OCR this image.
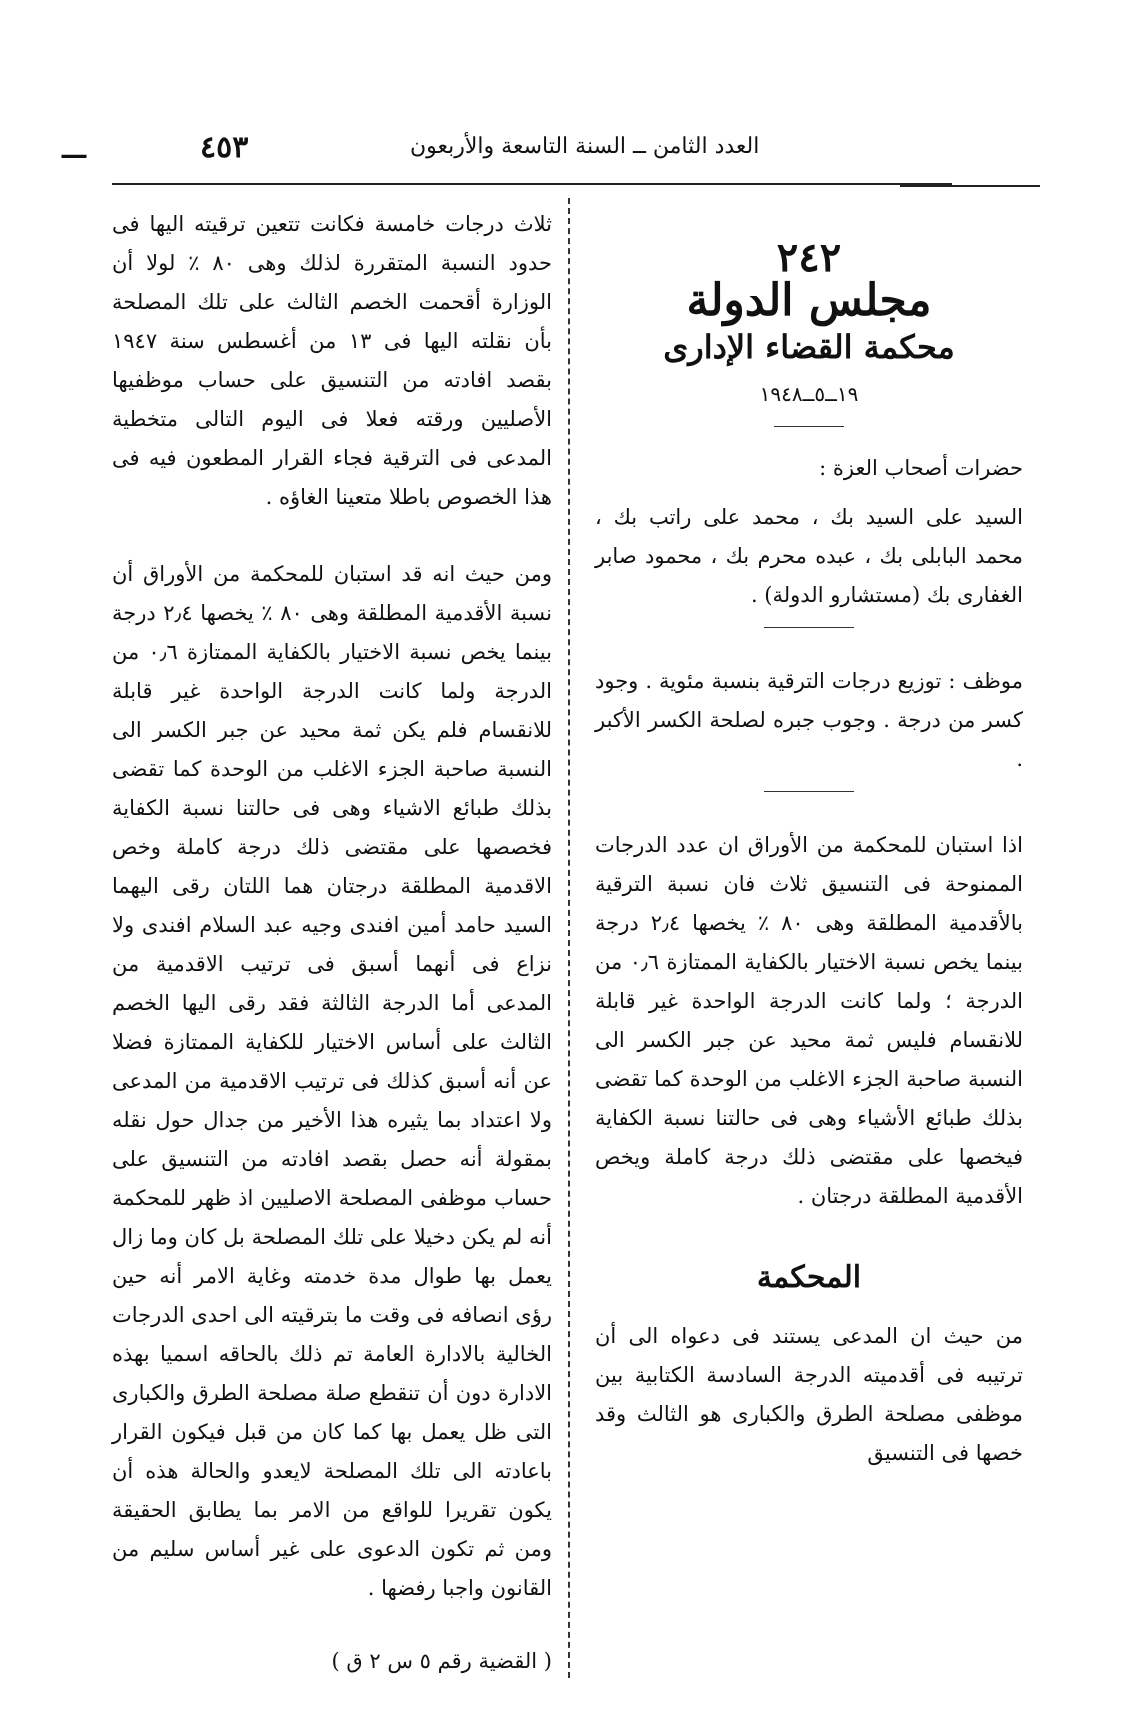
—	٤٥٣	العدد الثامن ــ السنة التاسعة والأربعون
٢٤٢
مجلس الدولة
محكمة القضاء الإدارى
١٩ــ٥ــ١٩٤٨
حضرات أصحاب العزة :

السيد على السيد بك ، محمد على راتب بك ، محمد البابلى بك ، عبده محرم بك ، محمود صابر الغفارى بك (مستشارو الدولة) .

موظف : توزيع درجات الترقية بنسبة مئوية . وجود كسر من درجة . وجوب جبره لصلحة الكسر الأكبر .

اذا استبان للمحكمة من الأوراق ان عدد الدرجات الممنوحة فى التنسيق ثلاث فان نسبة الترقية بالأقدمية المطلقة وهى ٨٠ ٪ يخصها ٢٫٤ درجة بينما يخص نسبة الاختيار بالكفاية الممتازة ٠٫٦ من الدرجة ؛ ولما كانت الدرجة الواحدة غير قابلة للانقسام فليس ثمة محيد عن جبر الكسر الى النسبة صاحبة الجزء الاغلب من الوحدة كما تقضى بذلك طبائع الأشياء وهى فى حالتنا نسبة الكفاية فيخصها على مقتضى ذلك درجة كاملة ويخص الأقدمية المطلقة درجتان .

المحكمة

من حيث ان المدعى يستند فى دعواه الى أن ترتيبه فى أقدميته الدرجة السادسة الكتابية بين موظفى مصلحة الطرق والكبارى هو الثالث وقد خصها فى التنسيق

ثلاث درجات خامسة فكانت تتعين ترقيته اليها فى حدود النسبة المتقررة لذلك وهى ٨٠ ٪ لولا أن الوزارة أقحمت الخصم الثالث على تلك المصلحة بأن نقلته اليها فى ١٣ من أغسطس سنة ١٩٤٧ بقصد افادته من التنسيق على حساب موظفيها الأصليين ورقته فعلا فى اليوم التالى متخطية المدعى فى الترقية فجاء القرار المطعون فيه فى هذا الخصوص باطلا متعينا الغاؤه .

ومن حيث انه قد استبان للمحكمة من الأوراق أن نسبة الأقدمية المطلقة وهى ٨٠ ٪ يخصها ٢٫٤ درجة بينما يخص نسبة الاختيار بالكفاية الممتازة ٠٫٦ من الدرجة ولما كانت الدرجة الواحدة غير قابلة للانقسام فلم يكن ثمة محيد عن جبر الكسر الى النسبة صاحبة الجزء الاغلب من الوحدة كما تقضى بذلك طبائع الاشياء وهى فى حالتنا نسبة الكفاية فخصصها على مقتضى ذلك درجة كاملة وخص الاقدمية المطلقة درجتان هما اللتان رقى اليهما السيد حامد أمين افندى وجيه عبد السلام افندى ولا نزاع فى أنهما أسبق فى ترتيب الاقدمية من المدعى أما الدرجة الثالثة فقد رقى اليها الخصم الثالث على أساس الاختيار للكفاية الممتازة فضلا عن أنه أسبق كذلك فى ترتيب الاقدمية من المدعى ولا اعتداد بما يثيره هذا الأخير من جدال حول نقله بمقولة أنه حصل بقصد افادته من التنسيق على حساب موظفى المصلحة الاصليين اذ ظهر للمحكمة أنه لم يكن دخيلا على تلك المصلحة بل كان وما زال يعمل بها طوال مدة خدمته وغاية الامر أنه حين رؤى انصافه فى وقت ما بترقيته الى احدى الدرجات الخالية بالادارة العامة تم ذلك بالحاقه اسميا بهذه الادارة دون أن تنقطع صلة مصلحة الطرق والكبارى التى ظل يعمل بها كما كان من قبل فيكون القرار باعادته الى تلك المصلحة لايعدو والحالة هذه أن يكون تقريرا للواقع من الامر بما يطابق الحقيقة ومن ثم تكون الدعوى على غير أساس سليم من القانون واجبا رفضها .

( القضية رقم ٥ س ٢ ق )
